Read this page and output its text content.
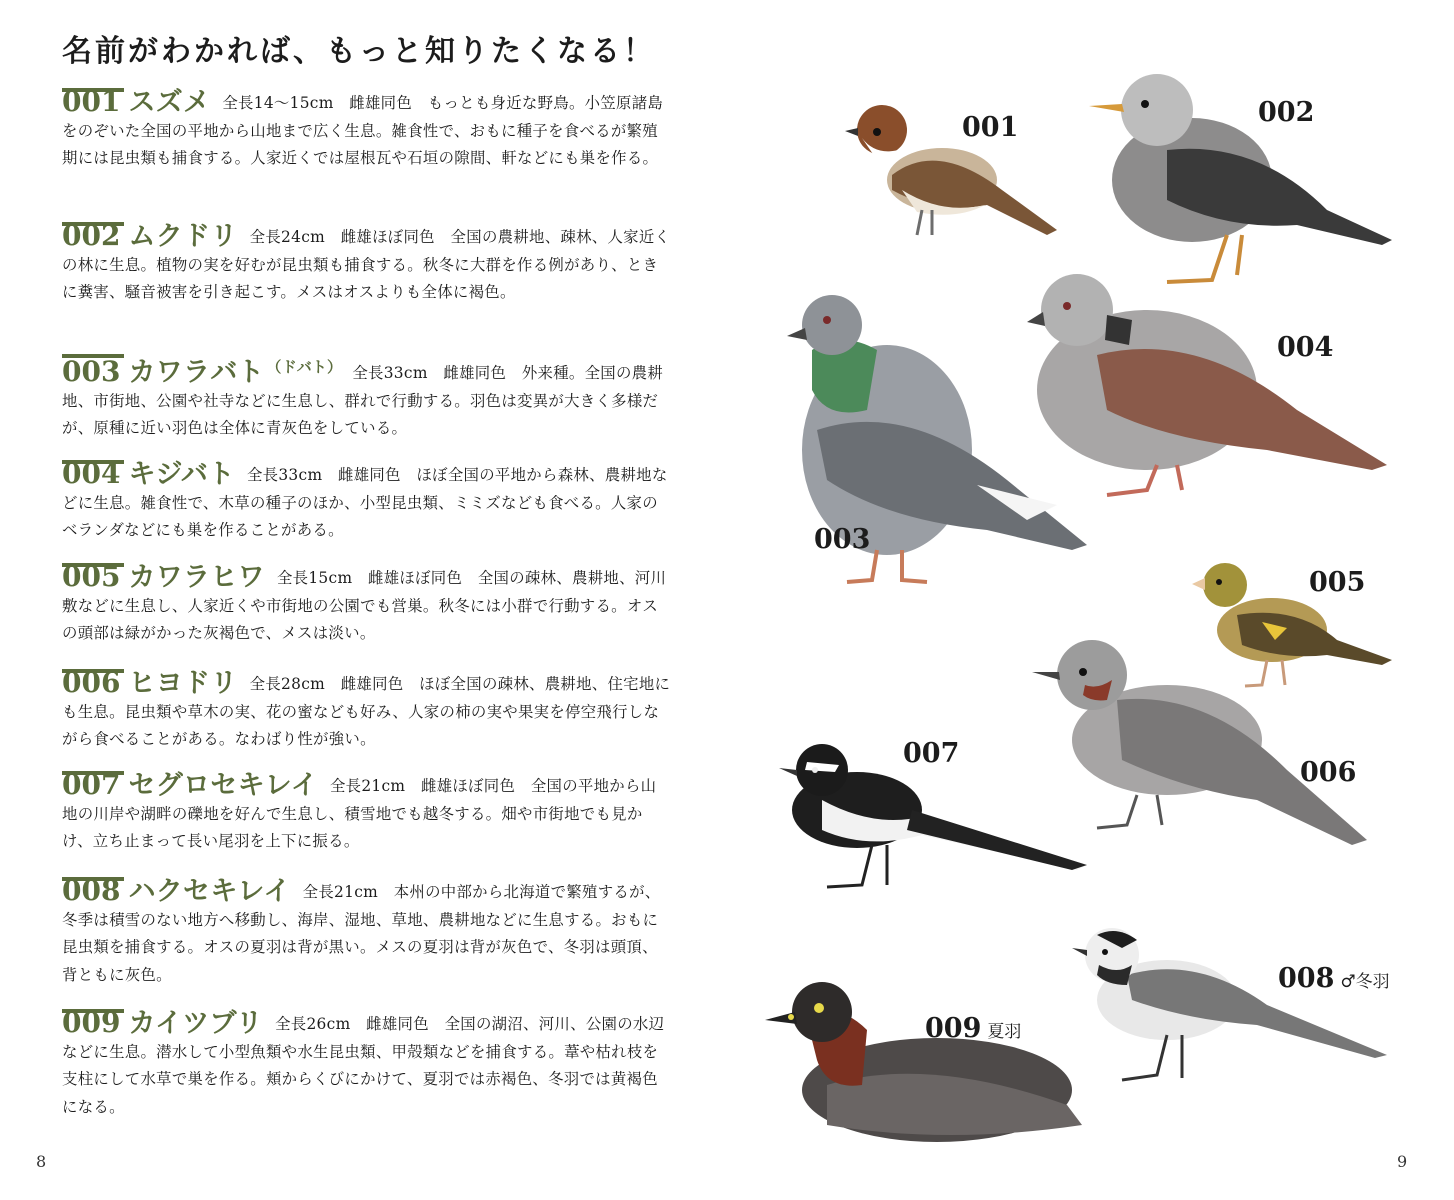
名前がわかれば、もっと知りたくなる！
001 スズメ 全長14〜15cm　雌雄同色　もっとも身近な野鳥。小笠原諸島をのぞいた全国の平地から山地まで広く生息。雑食性で、おもに種子を食べるが繁殖期には昆虫類も捕食する。人家近くでは屋根瓦や石垣の隙間、軒などにも巣を作る。
002 ムクドリ 全長24cm　雌雄ほぼ同色　全国の農耕地、疎林、人家近くの林に生息。植物の実を好むが昆虫類も捕食する。秋冬に大群を作る例があり、ときに糞害、騒音被害を引き起こす。メスはオスよりも全体に褐色。
003 カワラバト （ドバト） 全長33cm　雌雄同色　外来種。全国の農耕地、市街地、公園や社寺などに生息し、群れで行動する。羽色は変異が大きく多様だが、原種に近い羽色は全体に青灰色をしている。
004 キジバト 全長33cm　雌雄同色　ほぼ全国の平地から森林、農耕地などに生息。雑食性で、木草の種子のほか、小型昆虫類、ミミズなども食べる。人家のベランダなどにも巣を作ることがある。
005 カワラヒワ 全長15cm　雌雄ほぼ同色　全国の疎林、農耕地、河川敷などに生息し、人家近くや市街地の公園でも営巣。秋冬には小群で行動する。オスの頭部は緑がかった灰褐色で、メスは淡い。
006 ヒヨドリ 全長28cm　雌雄同色　ほぼ全国の疎林、農耕地、住宅地にも生息。昆虫類や草木の実、花の蜜なども好み、人家の柿の実や果実を停空飛行しながら食べることがある。なわばり性が強い。
007 セグロセキレイ 全長21cm　雌雄ほぼ同色　全国の平地から山地の川岸や湖畔の礫地を好んで生息し、積雪地でも越冬する。畑や市街地でも見かけ、立ち止まって長い尾羽を上下に振る。
008 ハクセキレイ 全長21cm　本州の中部から北海道で繁殖するが、冬季は積雪のない地方へ移動し、海岸、湿地、草地、農耕地などに生息する。おもに昆虫類を捕食する。オスの夏羽は背が黒い。メスの夏羽は背が灰色で、冬羽は頭頂、背ともに灰色。
009 カイツブリ 全長26cm　雌雄同色　全国の湖沼、河川、公園の水辺などに生息。潜水して小型魚類や水生昆虫類、甲殻類などを捕食する。葦や枯れ枝を支柱にして水草で巣を作る。頬からくびにかけて、夏羽では赤褐色、冬羽では黄褐色になる。
8
001	002
004
003
005
007
006
008 ♂冬羽
009 夏羽
9
